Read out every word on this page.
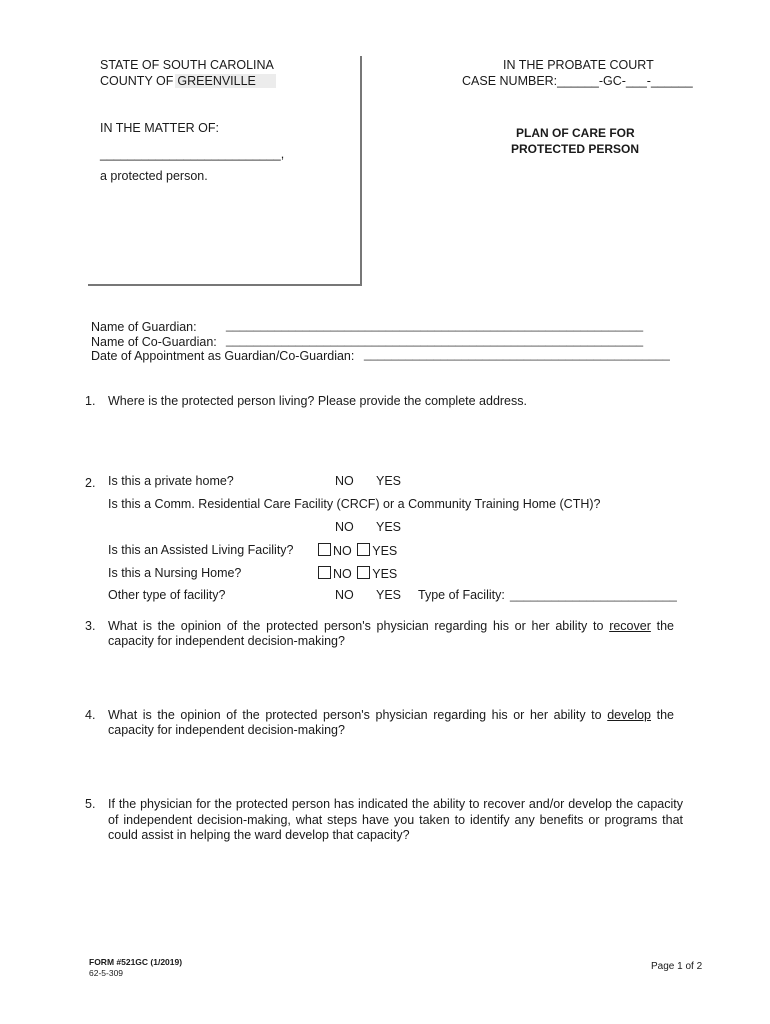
STATE OF SOUTH CAROLINA
COUNTY OF GREENVILLE
IN THE MATTER OF:
__________________________,
a protected person.
IN THE PROBATE COURT
CASE NUMBER:______-GC-___-______
PLAN OF CARE FOR
PROTECTED PERSON
Name of Guardian: ____________________________________________________________
Name of Co-Guardian: ____________________________________________________________
Date of Appointment as Guardian/Co-Guardian: ____________________________________________
1. Where is the protected person living? Please provide the complete address.
2. Is this a private home?	NO YES
Is this a Comm. Residential Care Facility (CRCF) or a Community Training Home (CTH)?
NO YES
Is this an Assisted Living Facility?	NO YES
Is this a Nursing Home?	NO YES
Other type of facility?	NO YES Type of Facility: ________________________
3. What is the opinion of the protected person's physician regarding his or her ability to recover the
capacity for independent decision-making?
4. What is the opinion of the protected person's physician regarding his or her ability to develop the
capacity for independent decision-making?
5. If the physician for the protected person has indicated the ability to recover and/or develop the capacity
of independent decision-making, what steps have you taken to identify any benefits or programs that
could assist in helping the ward develop that capacity?
FORM #521GC (1/2019)
62-5-309
Page 1 of 2
